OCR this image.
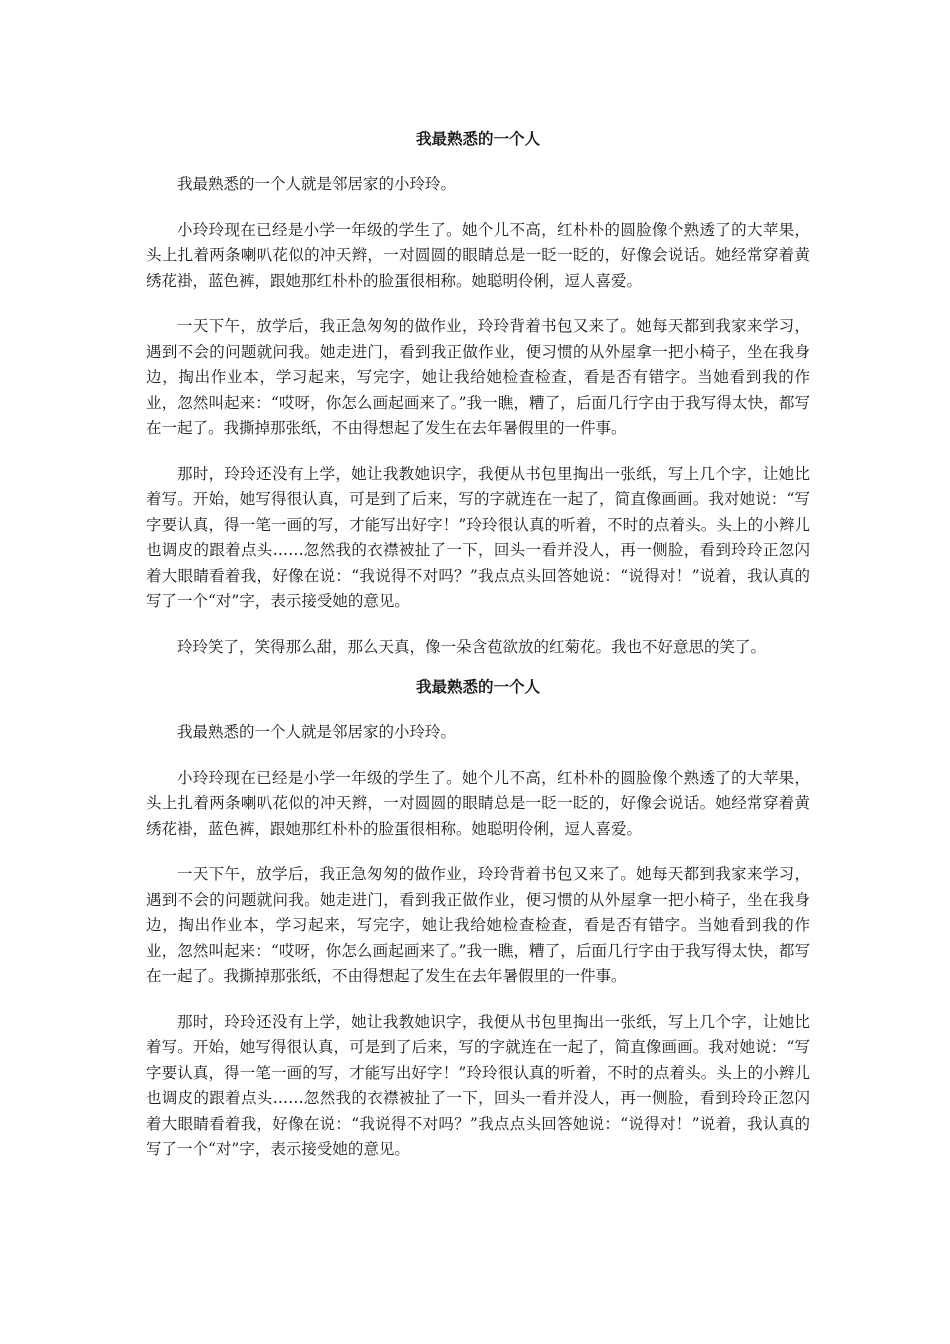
我最熟悉的一个人

我最熟悉的一个人就是邻居家的小玲玲。

小玲玲现在已经是小学一年级的学生了。她个儿不高，红朴朴的圆脸像个熟透了的大苹果，头上扎着两条喇叭花似的冲天辫，一对圆圆的眼睛总是一眨一眨的，好像会说话。她经常穿着黄绣花褂，蓝色裤，跟她那红朴朴的脸蛋很相称。她聪明伶俐，逗人喜爱。

一天下午，放学后，我正急匆匆的做作业，玲玲背着书包又来了。她每天都到我家来学习，遇到不会的问题就问我。她走进门，看到我正做作业，便习惯的从外屋拿一把小椅子，坐在我身边，掏出作业本，学习起来，写完字，她让我给她检查检查，看是否有错字。当她看到我的作业，忽然叫起来：“哎呀，你怎么画起画来了。”我一瞧，糟了，后面几行字由于我写得太快，都写在一起了。我撕掉那张纸，不由得想起了发生在去年暑假里的一件事。

那时，玲玲还没有上学，她让我教她识字，我便从书包里掏出一张纸，写上几个字，让她比着写。开始，她写得很认真，可是到了后来，写的字就连在一起了，简直像画画。我对她说：“写字要认真，得一笔一画的写，才能写出好字！”玲玲很认真的听着，不时的点着头。头上的小辫儿也调皮的跟着点头……忽然我的衣襟被扯了一下，回头一看并没人，再一侧脸，看到玲玲正忽闪着大眼睛看着我，好像在说：“我说得不对吗？”我点点头回答她说：“说得对！”说着，我认真的写了一个“对”字，表示接受她的意见。

玲玲笑了，笑得那么甜，那么天真，像一朵含苞欲放的红菊花。我也不好意思的笑了。

我最熟悉的一个人

我最熟悉的一个人就是邻居家的小玲玲。

小玲玲现在已经是小学一年级的学生了。她个儿不高，红朴朴的圆脸像个熟透了的大苹果，头上扎着两条喇叭花似的冲天辫，一对圆圆的眼睛总是一眨一眨的，好像会说话。她经常穿着黄绣花褂，蓝色裤，跟她那红朴朴的脸蛋很相称。她聪明伶俐，逗人喜爱。

一天下午，放学后，我正急匆匆的做作业，玲玲背着书包又来了。她每天都到我家来学习，遇到不会的问题就问我。她走进门，看到我正做作业，便习惯的从外屋拿一把小椅子，坐在我身边，掏出作业本，学习起来，写完字，她让我给她检查检查，看是否有错字。当她看到我的作业，忽然叫起来：“哎呀，你怎么画起画来了。”我一瞧，糟了，后面几行字由于我写得太快，都写在一起了。我撕掉那张纸，不由得想起了发生在去年暑假里的一件事。

那时，玲玲还没有上学，她让我教她识字，我便从书包里掏出一张纸，写上几个字，让她比着写。开始，她写得很认真，可是到了后来，写的字就连在一起了，简直像画画。我对她说：“写字要认真，得一笔一画的写，才能写出好字！”玲玲很认真的听着，不时的点着头。头上的小辫儿也调皮的跟着点头……忽然我的衣襟被扯了一下，回头一看并没人，再一侧脸，看到玲玲正忽闪着大眼睛看着我，好像在说：“我说得不对吗？”我点点头回答她说：“说得对！”说着，我认真的写了一个“对”字，表示接受她的意见。
